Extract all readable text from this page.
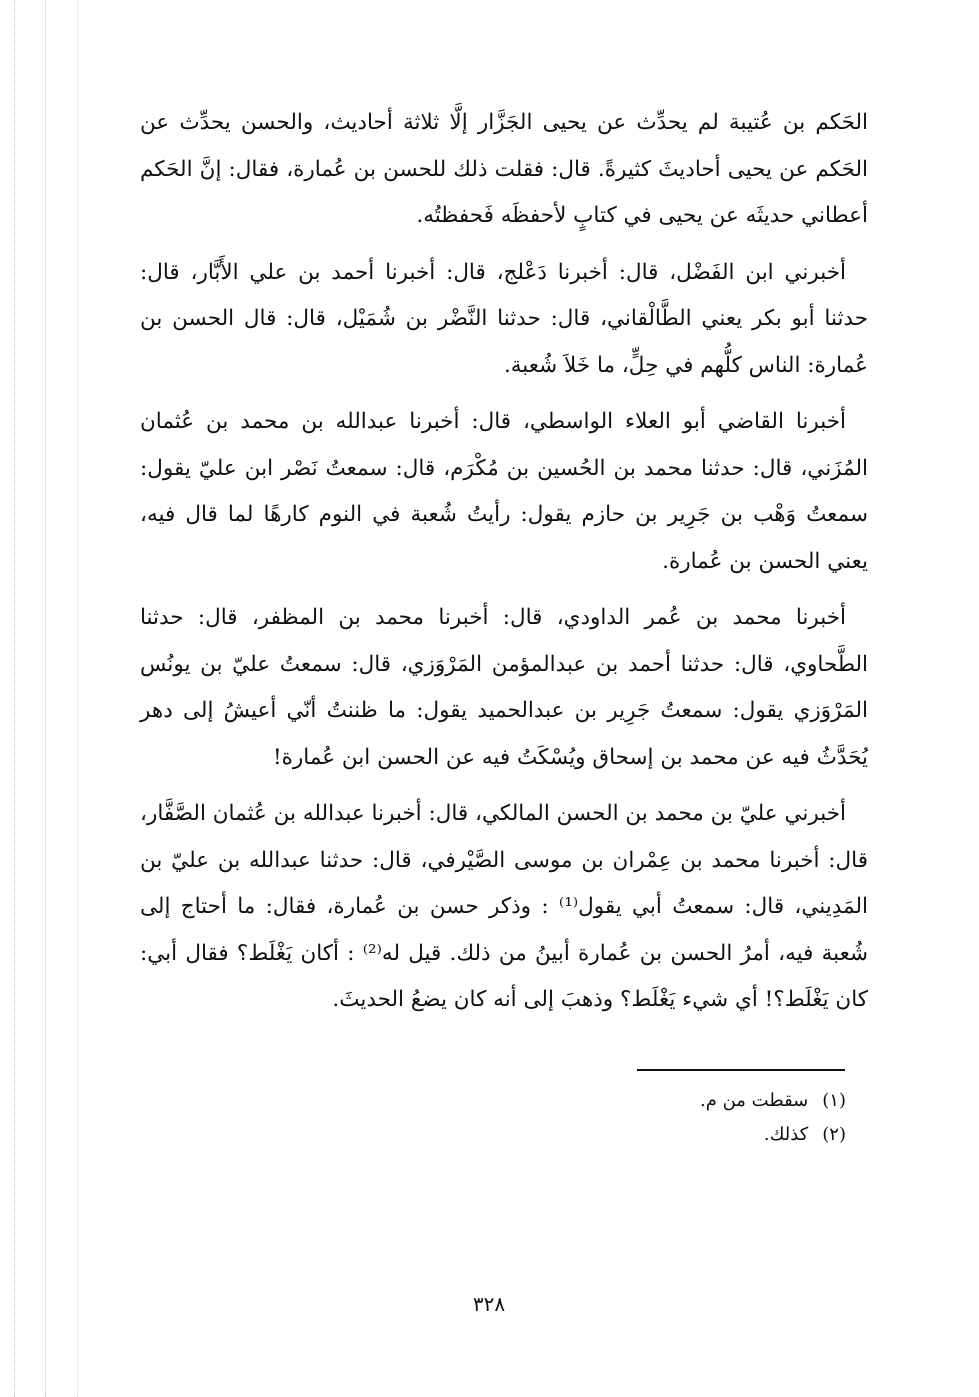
الحَكم بن عُتيبة لم يحدِّث عن يحيى الجَزَّار إلَّا ثلاثة أحاديث، والحسن يحدِّث عن الحَكم عن يحيى أحاديثَ كثيرةً. قال: فقلت ذلك للحسن بن عُمارة، فقال: إنَّ الحَكم أعطاني حديثَه عن يحيى في كتابٍ لأحفظَه فَحفظتُه.

أخبرني ابن الفَضْل، قال: أخبرنا دَعْلج، قال: أخبرنا أحمد بن علي الأَبَّار، قال: حدثنا أبو بكر يعني الطَّالْقاني، قال: حدثنا النَّضْر بن شُمَيْل، قال: قال الحسن بن عُمارة: الناس كلُّهم في حِلٍّ، ما خَلاَ شُعبة.

أخبرنا القاضي أبو العلاء الواسطي، قال: أخبرنا عبدالله بن محمد بن عُثمان المُزَني، قال: حدثنا محمد بن الحُسين بن مُكْرَم، قال: سمعتُ نَصْر ابن عليّ يقول: سمعتُ وَهْب بن جَرِير بن حازم يقول: رأيتُ شُعبة في النوم كارهًا لما قال فيه، يعني الحسن بن عُمارة.

أخبرنا محمد بن عُمر الداودي، قال: أخبرنا محمد بن المظفر، قال: حدثنا الطَّحاوي، قال: حدثنا أحمد بن عبدالمؤمن المَرْوَزي، قال: سمعتُ عليّ بن يونُس المَرْوَزي يقول: سمعتُ جَرِير بن عبدالحميد يقول: ما ظننتُ أنّي أعيشُ إلى دهر يُحَدَّثُ فيه عن محمد بن إسحاق ويُسْكَتُ فيه عن الحسن ابن عُمارة!

أخبرني عليّ بن محمد بن الحسن المالكي، قال: أخبرنا عبدالله بن عُثمان الصَّفَّار، قال: أخبرنا محمد بن عِمْران بن موسى الصَّيْرفي، قال: حدثنا عبدالله بن عليّ بن المَدِيني، قال: سمعتُ أبي يقول⁽¹⁾ : وذكر حسن بن عُمارة، فقال: ما أحتاج إلى شُعبة فيه، أمرُ الحسن بن عُمارة أبينُ من ذلك. قيل له⁽²⁾ : أكان يَغْلَط؟ فقال أبي: كان يَغْلَط؟! أي شيء يَغْلَط؟ وذهبَ إلى أنه كان يضعُ الحديثَ.

(١)
سقطت من م.
(٢)
كذلك.
٣٢٨
